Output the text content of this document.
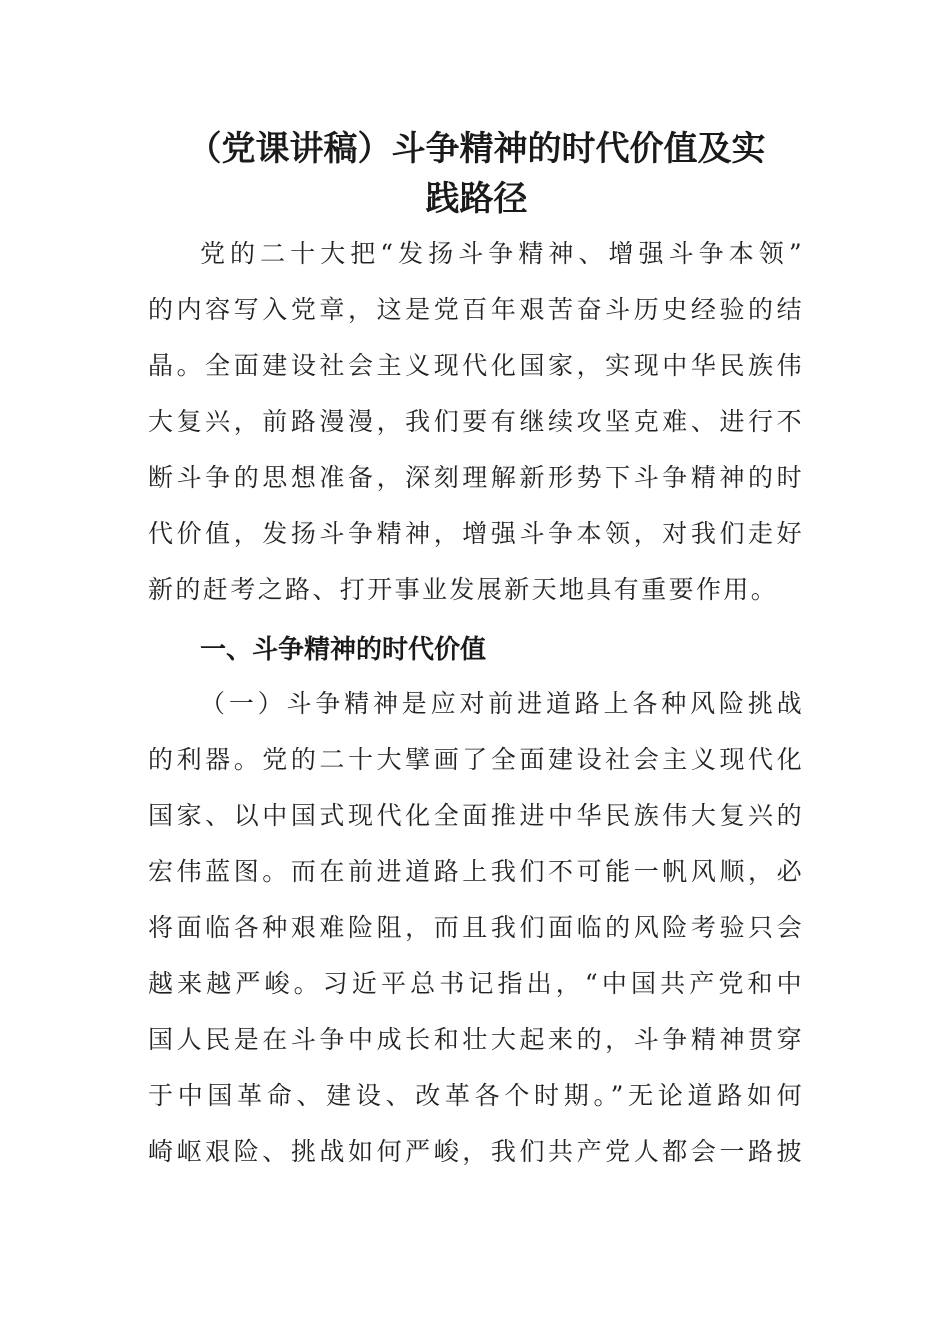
（党课讲稿）斗争精神的时代价值及实
践路径
党的二十大把“发扬斗争精神、增强斗争本领”
的内容写入党章，这是党百年艰苦奋斗历史经验的结
晶。全面建设社会主义现代化国家，实现中华民族伟
大复兴，前路漫漫，我们要有继续攻坚克难、进行不
断斗争的思想准备，深刻理解新形势下斗争精神的时
代价值，发扬斗争精神，增强斗争本领，对我们走好
新的赶考之路、打开事业发展新天地具有重要作用。
一、斗争精神的时代价值
（一）斗争精神是应对前进道路上各种风险挑战
的利器。党的二十大擘画了全面建设社会主义现代化
国家、以中国式现代化全面推进中华民族伟大复兴的
宏伟蓝图。而在前进道路上我们不可能一帆风顺，必
将面临各种艰难险阻，而且我们面临的风险考验只会
越来越严峻。习近平总书记指出，“中国共产党和中
国人民是在斗争中成长和壮大起来的，斗争精神贯穿
于中国革命、建设、改革各个时期。”无论道路如何
崎岖艰险、挑战如何严峻，我们共产党人都会一路披
